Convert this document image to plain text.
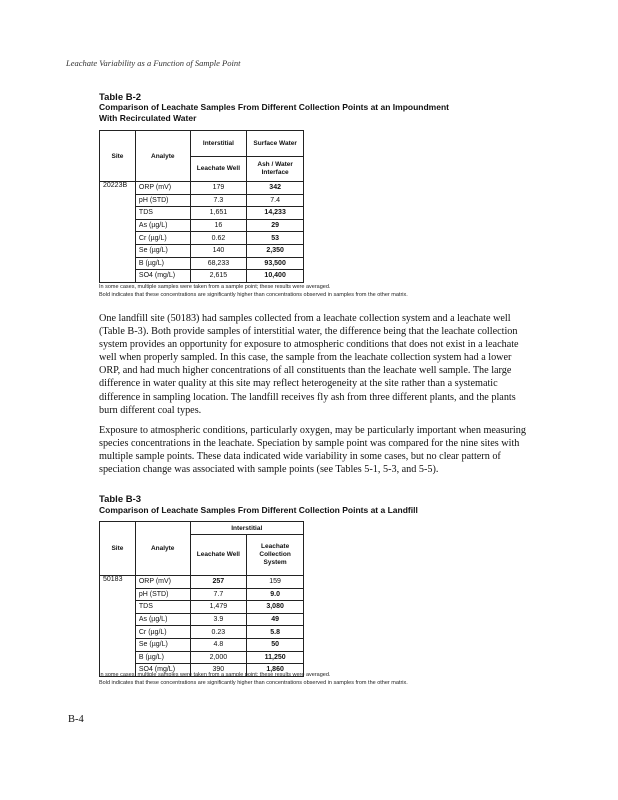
Leachate Variability as a Function of Sample Point
Table B-2
Comparison of Leachate Samples From Different Collection Points at an Impoundment
With Recirculated Water
Site	Analyte	Interstitial	Surface Water
		Leachate Well	Ash / Water Interface
20223B	ORP (mV)	179	342
	pH (STD)	7.3	7.4
	TDS	1,651	14,233
	As (µg/L)	16	29
	Cr (µg/L)	0.62	53
	Se (µg/L)	140	2,350
	B (µg/L)	68,233	93,500
	SO4 (mg/L)	2,615	10,400
In some cases, multiple samples were taken from a sample point; these results were averaged.
Bold indicates that these concentrations are significantly higher than concentrations observed in samples from the other matrix.
One landfill site (50183) had samples collected from a leachate collection system and a leachate well (Table B-3). Both provide samples of interstitial water, the difference being that the leachate collection system provides an opportunity for exposure to atmospheric conditions that does not exist in a leachate well when properly sampled. In this case, the sample from the leachate collection system had a lower ORP, and had much higher concentrations of all constituents than the leachate well sample. The large difference in water quality at this site may reflect heterogeneity at the site rather than a systematic difference in sampling location. The landfill receives fly ash from three different plants, and the plants burn different coal types.
Exposure to atmospheric conditions, particularly oxygen, may be particularly important when measuring species concentrations in the leachate. Speciation by sample point was compared for the nine sites with multiple sample points. These data indicated wide variability in some cases, but no clear pattern of speciation change was associated with sample points (see Tables 5-1, 5-3, and 5-5).
Table B-3
Comparison of Leachate Samples From Different Collection Points at a Landfill
Site	Analyte	Interstitial	
		Leachate Well	Leachate Collection System
50183	ORP (mV)	257	159
	pH (STD)	7.7	9.0
	TDS	1,479	3,080
	As (µg/L)	3.9	49
	Cr (µg/L)	0.23	5.8
	Se (µg/L)	4.8	50
	B (µg/L)	2,000	11,250
	SO4 (mg/L)	390	1,860
In some cases, multiple samples were taken from a sample point; these results were averaged.
Bold indicates that these concentrations are significantly higher than concentrations observed in samples from the other matrix.
B-4
